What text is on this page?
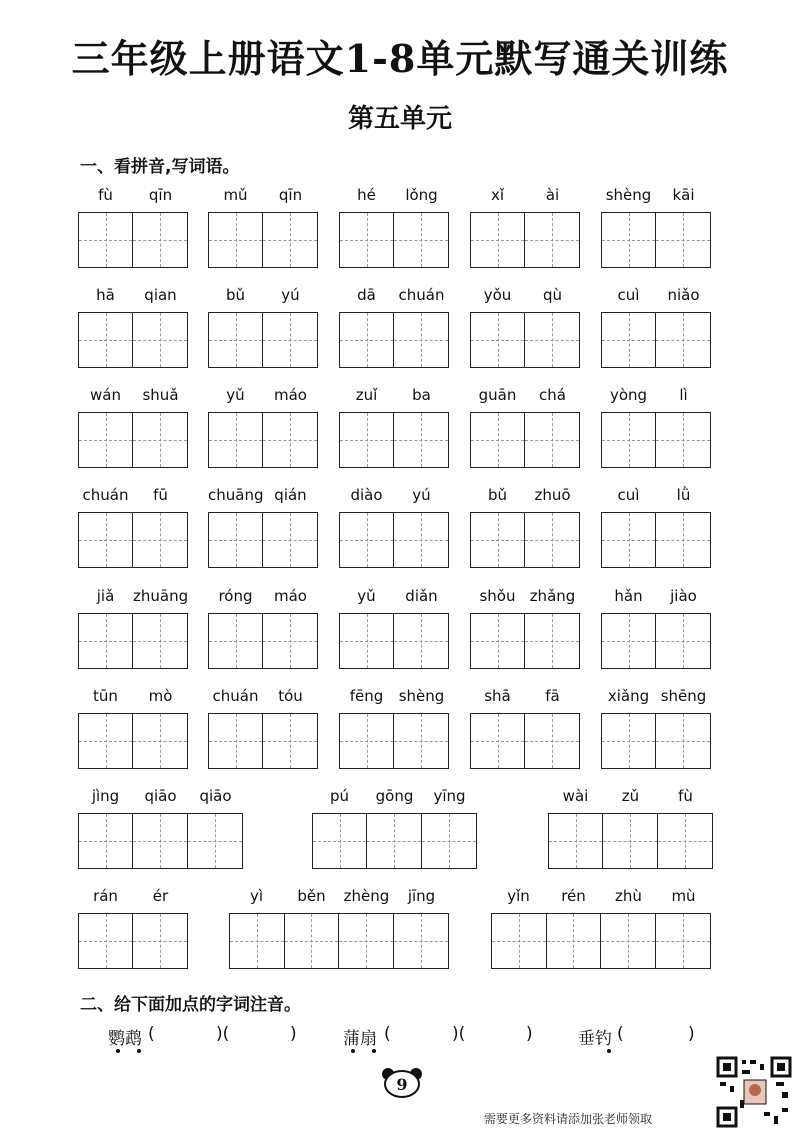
三年级上册语文1-8单元默写通关训练
第五单元
一、看拼音,写词语。
fù	qīn	mǔ	qīn	hé	lǒng	xǐ	ài	shèng	kāi
hā	qian	bǔ	yú	dā	chuán	yǒu	qù	cuì	niǎo
wán	shuǎ	yǔ	máo	zuǐ	ba	guān	chá	yòng	lì
chuán	fū	chuāng qián	diào	yú	bǔ	zhuō	cuì	lǜ
jiǎ	zhuāng	róng	máo	yǔ	diǎn	shǒu zhǎng	hǎn	jiào
tūn	mò	chuán	tóu	fēng	shèng	shā	fā	xiǎng shēng
jìng	qiāo	qiāo	pú	gōng	yīng	wài	zǔ	fù
rán	ér	yì	běn	zhèng	jīng	yǐn	rén	zhù	mù
二、给下面加点的字词注音。
鹦鹉 (	)(	)	蒲扇 (	)(	)	垂钓 (	)
9
需要更多资料请添加张老师领取
